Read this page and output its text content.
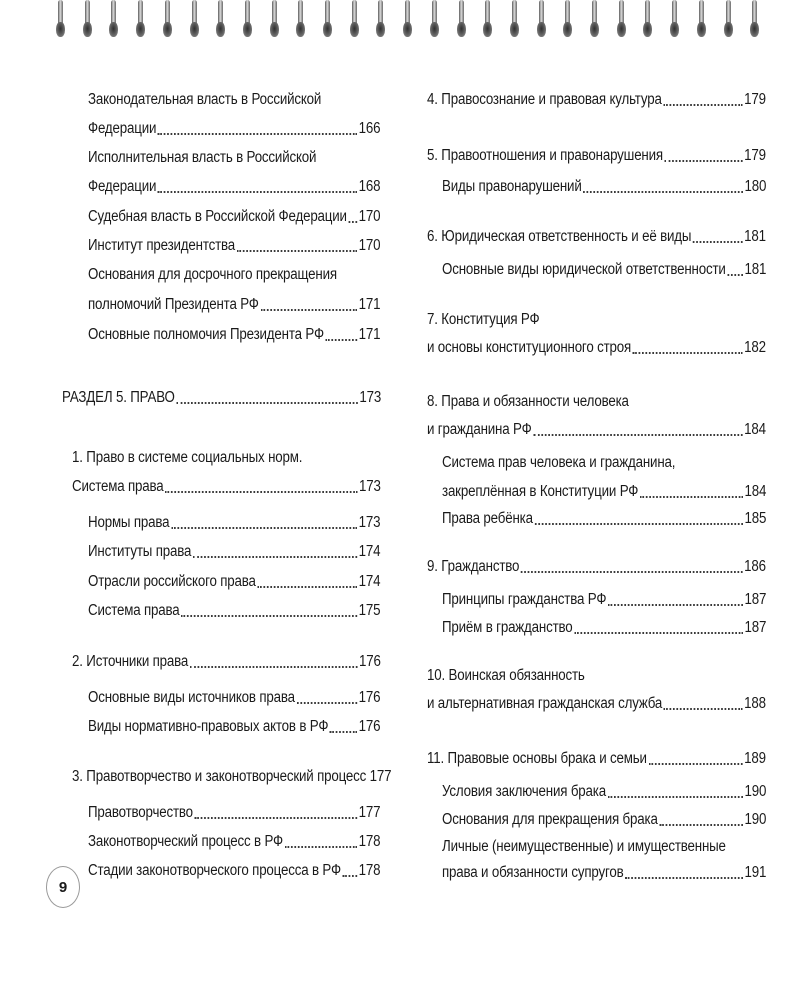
Законодательная власть в Российской
Федерации	166
Исполнительная власть в Российской
Федерации	168
Судебная власть в Российской Федерации 170
Институт президентства	170
Основания для досрочного прекращения
полномочий Президента РФ	171
Основные полномочия Президента РФ 171
РАЗДЕЛ 5. ПРАВО	173
1. Право в системе социальных норм.
Система права	173
Нормы права	173
Институты права	174
Отрасли российского права	174
Система права	175
2. Источники права	176
Основные виды источников права	176
Виды нормативно-правовых актов в РФ 176
3. Правотворчество и законотворческий процесс 177
Правотворчество	177
Законотворческий процесс в РФ	178
Стадии законотворческого процесса в РФ 178
4. Правосознание и правовая культура	179
5. Правоотношения и правонарушения	179
Виды правонарушений	180
6. Юридическая ответственность и её виды	181
Основные виды юридической ответственности 181
7. Конституция РФ
и основы конституционного строя	182
8. Права и обязанности человека
и гражданина РФ	184
Система прав человека и гражданина,
закреплённая в Конституции РФ	184
Права ребёнка	185
9. Гражданство	186
Принципы гражданства РФ	187
Приём в гражданство	187
10. Воинская обязанность
и альтернативная гражданская служба	188
11. Правовые основы брака и семьи	189
Условия заключения брака	190
Основания для прекращения брака	190
Личные (неимущественные) и имущественные
права и обязанности супругов	191
9
